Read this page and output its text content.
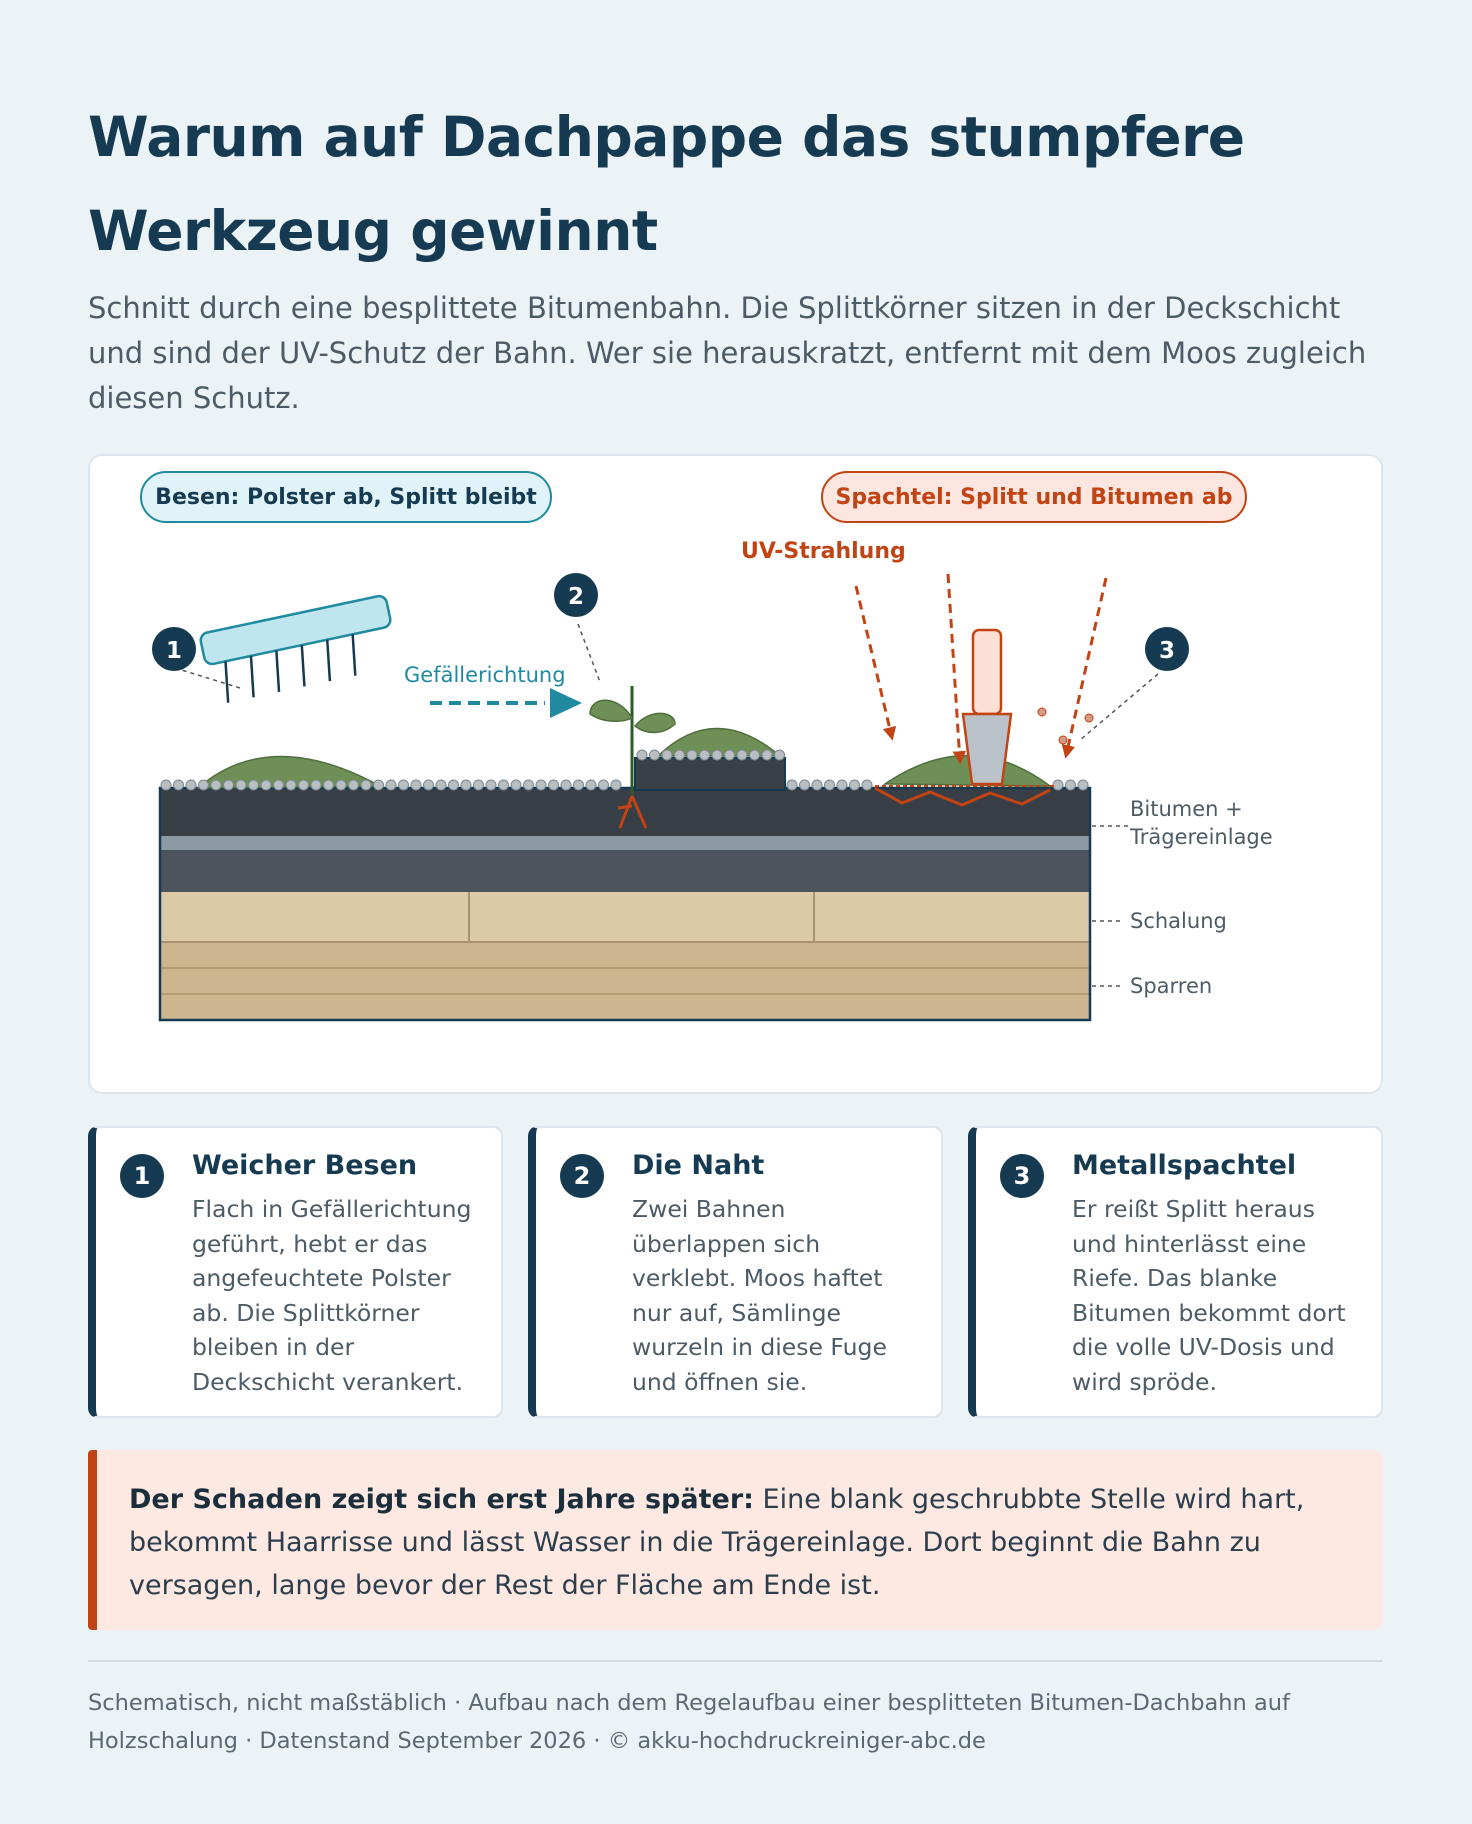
Warum auf Dachpappe das stumpfere Werkzeug gewinnt

Schnitt durch eine besplittete Bitumenbahn. Die Splittkörner sitzen in der Deckschicht und sind der UV-Schutz der Bahn. Wer sie herauskratzt, entfernt mit dem Moos zugleich diesen Schutz.

Gefällerichtung
UV-Strahlung
1
2
3
Bitumen +
Trägereinlage
Schalung
Sparren
Besen: Polster ab, Splitt bleibt	Spachtel: Splitt und Bitumen ab
1	Weicher Besen
Flach in Gefällerichtung geführt, hebt er das angefeuchtete Polster ab. Die Splittkörner bleiben in der Deckschicht verankert.
2	Die Naht
Zwei Bahnen überlappen sich verklebt. Moos haftet nur auf, Sämlinge wurzeln in diese Fuge und öffnen sie.
3	Metallspachtel
Er reißt Splitt heraus und hinterlässt eine Riefe. Das blanke Bitumen bekommt dort die volle UV-Dosis und wird spröde.
Der Schaden zeigt sich erst Jahre später: Eine blank geschrubbte Stelle wird hart, bekommt Haarrisse und lässt Wasser in die Trägereinlage. Dort beginnt die Bahn zu versagen, lange bevor der Rest der Fläche am Ende ist.

Schematisch, nicht maßstäblich · Aufbau nach dem Regelaufbau einer besplitteten Bitumen-Dachbahn auf Holzschalung · Datenstand September 2026 · © akku-hochdruckreiniger-abc.de
